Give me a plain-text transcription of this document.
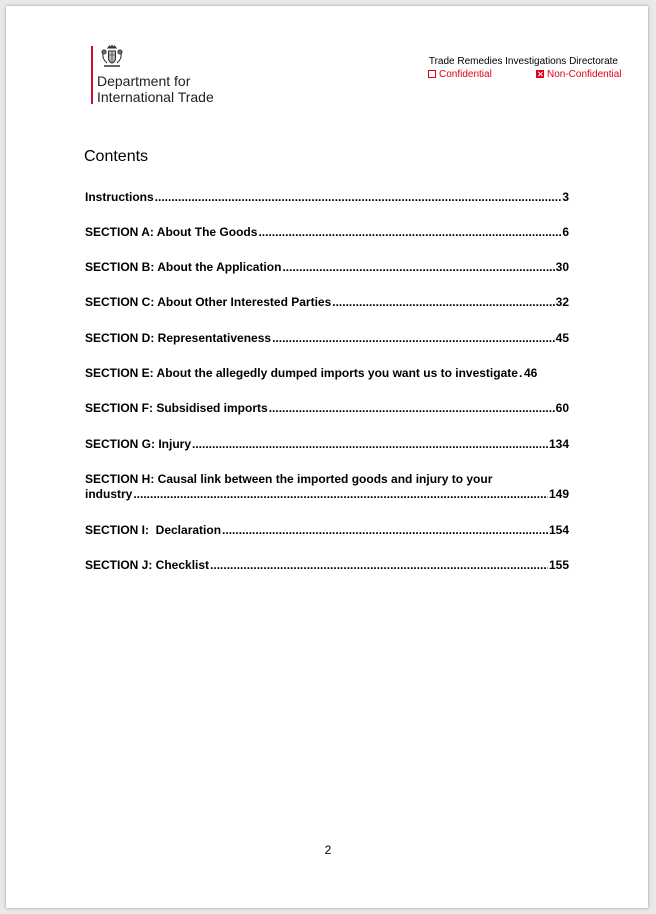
Department for
International Trade
Trade Remedies Investigations Directorate
Confidential	Non-Confidential
Contents
Instructions .....	3
SECTION A: About The Goods .....	6
SECTION B: About the Application .....	30
SECTION C: About Other Interested Parties .....	32
SECTION D: Representativeness .....	45
SECTION E: About the allegedly dumped imports you want us to investigate ..... 46
SECTION F: Subsidised imports .....	60
SECTION G: Injury .....	134
SECTION H: Causal link between the imported goods and injury to your
industry .....	149
SECTION I:  Declaration .....	154
SECTION J: Checklist .....	155
2
